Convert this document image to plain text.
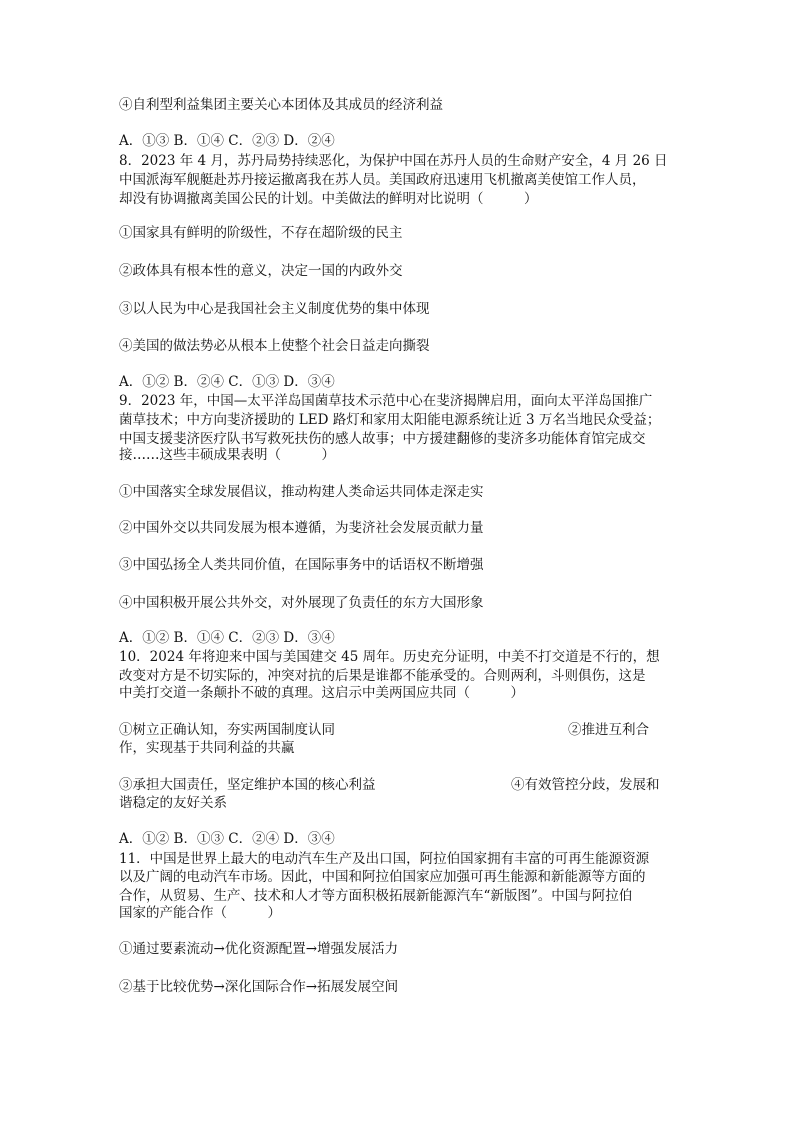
④自利型利益集团主要关心本团体及其成员的经济利益
A．①③ B．①④ C．②③ D．②④
8．2023 年 4 月，苏丹局势持续恶化，为保护中国在苏丹人员的生命财产安全，4 月 26 日
中国派海军舰艇赴苏丹接运撤离我在苏人员。美国政府迅速用飞机撤离美使馆工作人员，
却没有协调撤离美国公民的计划。中美做法的鲜明对比说明（　　　）
①国家具有鲜明的阶级性，不存在超阶级的民主
②政体具有根本性的意义，决定一国的内政外交
③以人民为中心是我国社会主义制度优势的集中体现
④美国的做法势必从根本上使整个社会日益走向撕裂
A．①② B．②④ C．①③ D．③④
9．2023 年，中国—太平洋岛国菌草技术示范中心在斐济揭牌启用，面向太平洋岛国推广
菌草技术；中方向斐济援助的 LED 路灯和家用太阳能电源系统让近 3 万名当地民众受益；
中国支援斐济医疗队书写救死扶伤的感人故事；中方援建翻修的斐济多功能体育馆完成交
接……这些丰硕成果表明（　　　）
①中国落实全球发展倡议，推动构建人类命运共同体走深走实
②中国外交以共同发展为根本遵循，为斐济社会发展贡献力量
③中国弘扬全人类共同价值，在国际事务中的话语权不断增强
④中国积极开展公共外交，对外展现了负责任的东方大国形象
A．①② B．①④ C．②③ D．③④
10．2024 年将迎来中国与美国建交 45 周年。历史充分证明，中美不打交道是不行的，想
改变对方是不切实际的，冲突对抗的后果是谁都不能承受的。合则两利，斗则俱伤，这是
中美打交道一条颠扑不破的真理。这启示中美两国应共同（　　　）
①树立正确认知，夯实两国制度认同	②推进互利合
作，实现基于共同利益的共赢
③承担大国责任，坚定维护本国的核心利益	④有效管控分歧，发展和
谐稳定的友好关系
A．①② B．①③ C．②④ D．③④
11．中国是世界上最大的电动汽车生产及出口国，阿拉伯国家拥有丰富的可再生能源资源
以及广阔的电动汽车市场。因此，中国和阿拉伯国家应加强可再生能源和新能源等方面的
合作，从贸易、生产、技术和人才等方面积极拓展新能源汽车“新版图”。中国与阿拉伯
国家的产能合作（　　　）
①通过要素流动→优化资源配置→增强发展活力
②基于比较优势→深化国际合作→拓展发展空间
